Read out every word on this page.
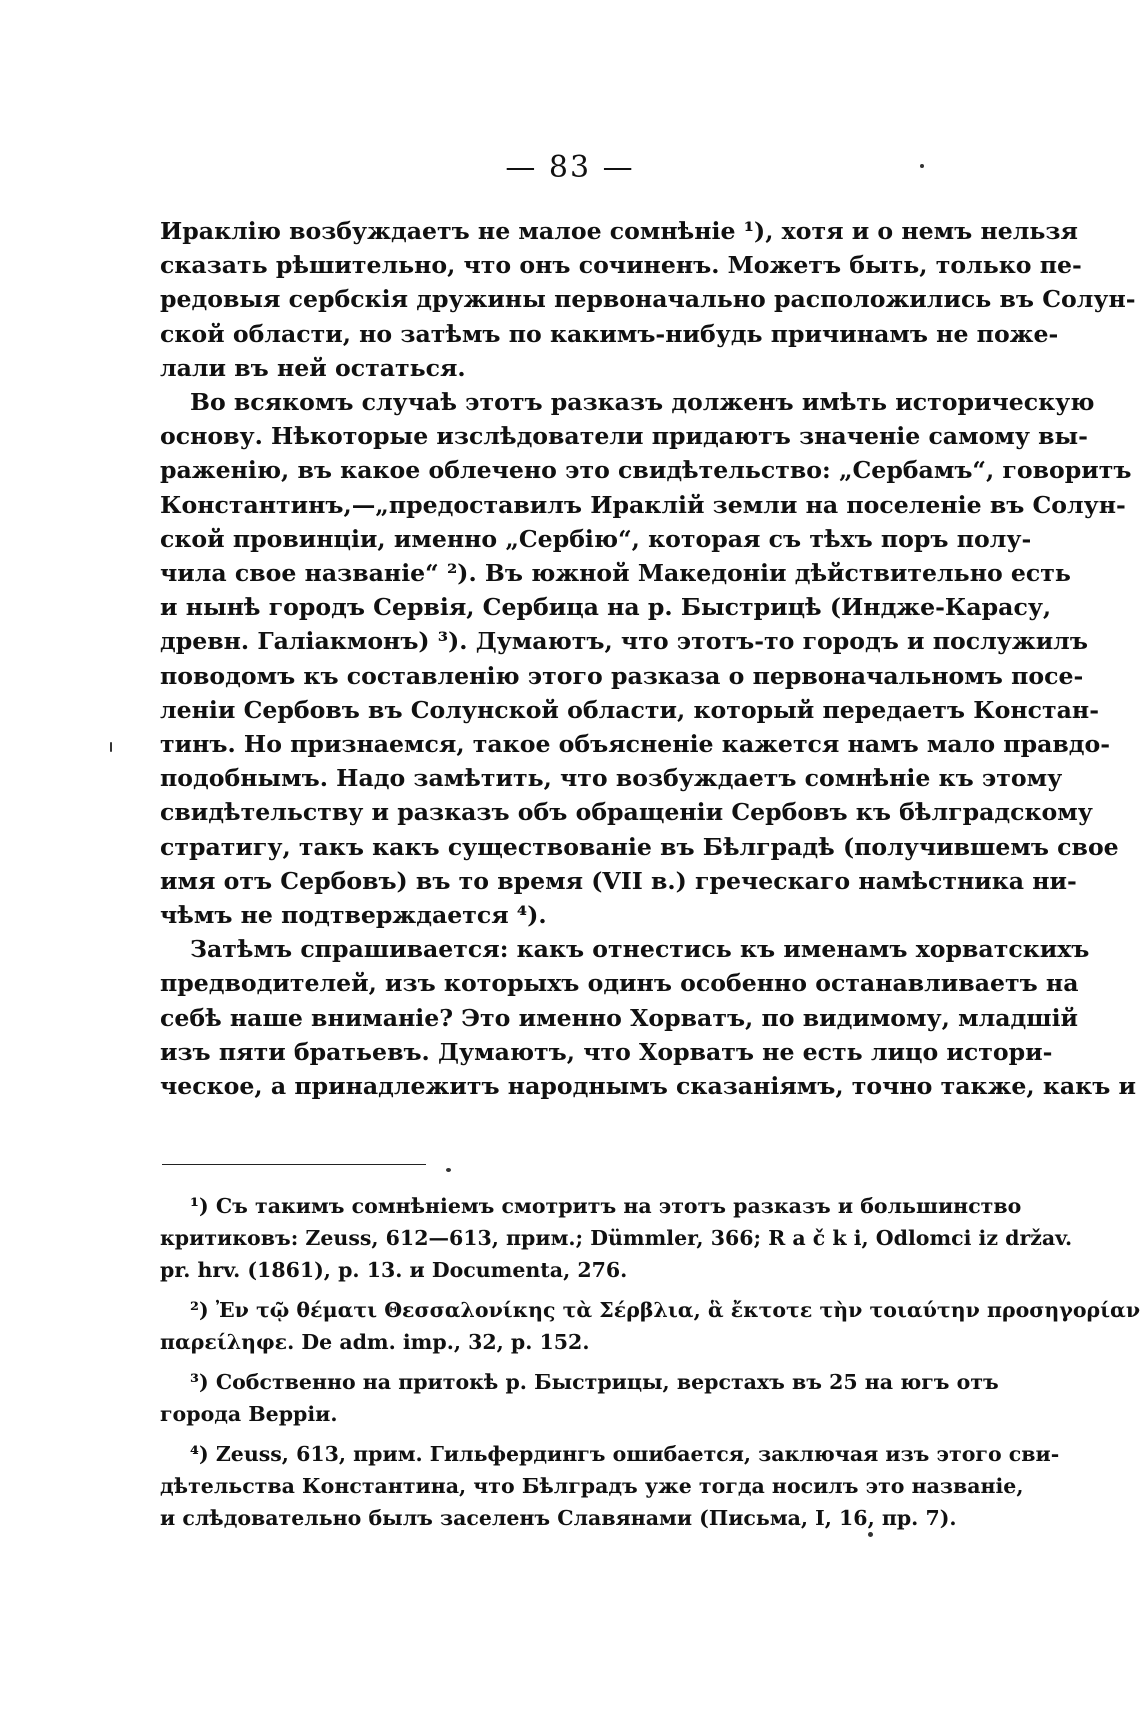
— 83 —

Ираклію возбуждаетъ не малое сомнѣніе ¹), хотя и о немъ нельзя
сказать рѣшительно, что онъ сочиненъ. Можетъ быть, только пе-
редовыя сербскія дружины первоначально расположились въ Солун-
ской области, но затѣмъ по какимъ-нибудь причинамъ не поже-
лали въ ней остаться.

Во всякомъ случаѣ этотъ разказъ долженъ имѣть историческую
основу. Нѣкоторые изслѣдователи придаютъ значеніе самому вы-
раженію, въ какое облечено это свидѣтельство: „Сербамъ“, говоритъ
Константинъ,—„предоставилъ Ираклій земли на поселеніе въ Солун-
ской провинціи, именно „Сербію“, которая съ тѣхъ поръ полу-
чила свое названіе“ ²). Въ южной Македоніи дѣйствительно есть
и нынѣ городъ Сервія, Сербица на р. Быстрицѣ (Индже-Карасу,
древн. Галіакмонъ) ³). Думаютъ, что этотъ-то городъ и послужилъ
поводомъ къ составленію этого разказа о первоначальномъ посе-
леніи Сербовъ въ Солунской области, который передаетъ Констан-
тинъ. Но признаемся, такое объясненіе кажется намъ мало правдо-
подобнымъ. Надо замѣтить, что возбуждаетъ сомнѣніе къ этому
свидѣтельству и разказъ объ обращеніи Сербовъ къ бѣлградскому
стратигу, такъ какъ существованіе въ Бѣлградѣ (получившемъ свое
имя отъ Сербовъ) въ то время (VII в.) греческаго намѣстника ни-
чѣмъ не подтверждается ⁴).

Затѣмъ спрашивается: какъ отнестись къ именамъ хорватскихъ
предводителей, изъ которыхъ одинъ особенно останавливаетъ на
себѣ наше вниманіе? Это именно Хорватъ, по видимому, младшій
изъ пяти братьевъ. Думаютъ, что Хорватъ не есть лицо истори-
ческое, а принадлежитъ народнымъ сказаніямъ, точно также, какъ и

¹) Съ такимъ сомнѣніемъ смотритъ на этотъ разказъ и большинство
критиковъ: Zeuss, 612—613, прим.; Dümmler, 366; R a č k i, Odlomci iz držav.
pr. hrv. (1861), p. 13. и Documenta, 276.
²) Ἐν τῷ θέματι Θεσσαλονίκης τὰ Σέρβλια, ἃ ἔκτοτε τὴν τοιαύτην προσηγορίαν
παρείληφε. De adm. imp., 32, p. 152.
³) Собственно на притокѣ р. Быстрицы, верстахъ въ 25 на югъ отъ
города Верріи.
⁴) Zeuss, 613, прим. Гильфердингъ ошибается, заключая изъ этого сви-
дѣтельства Константина, что Бѣлградъ уже тогда носилъ это названіе,
и слѣдовательно былъ заселенъ Славянами (Письма, I, 16, пр. 7).
